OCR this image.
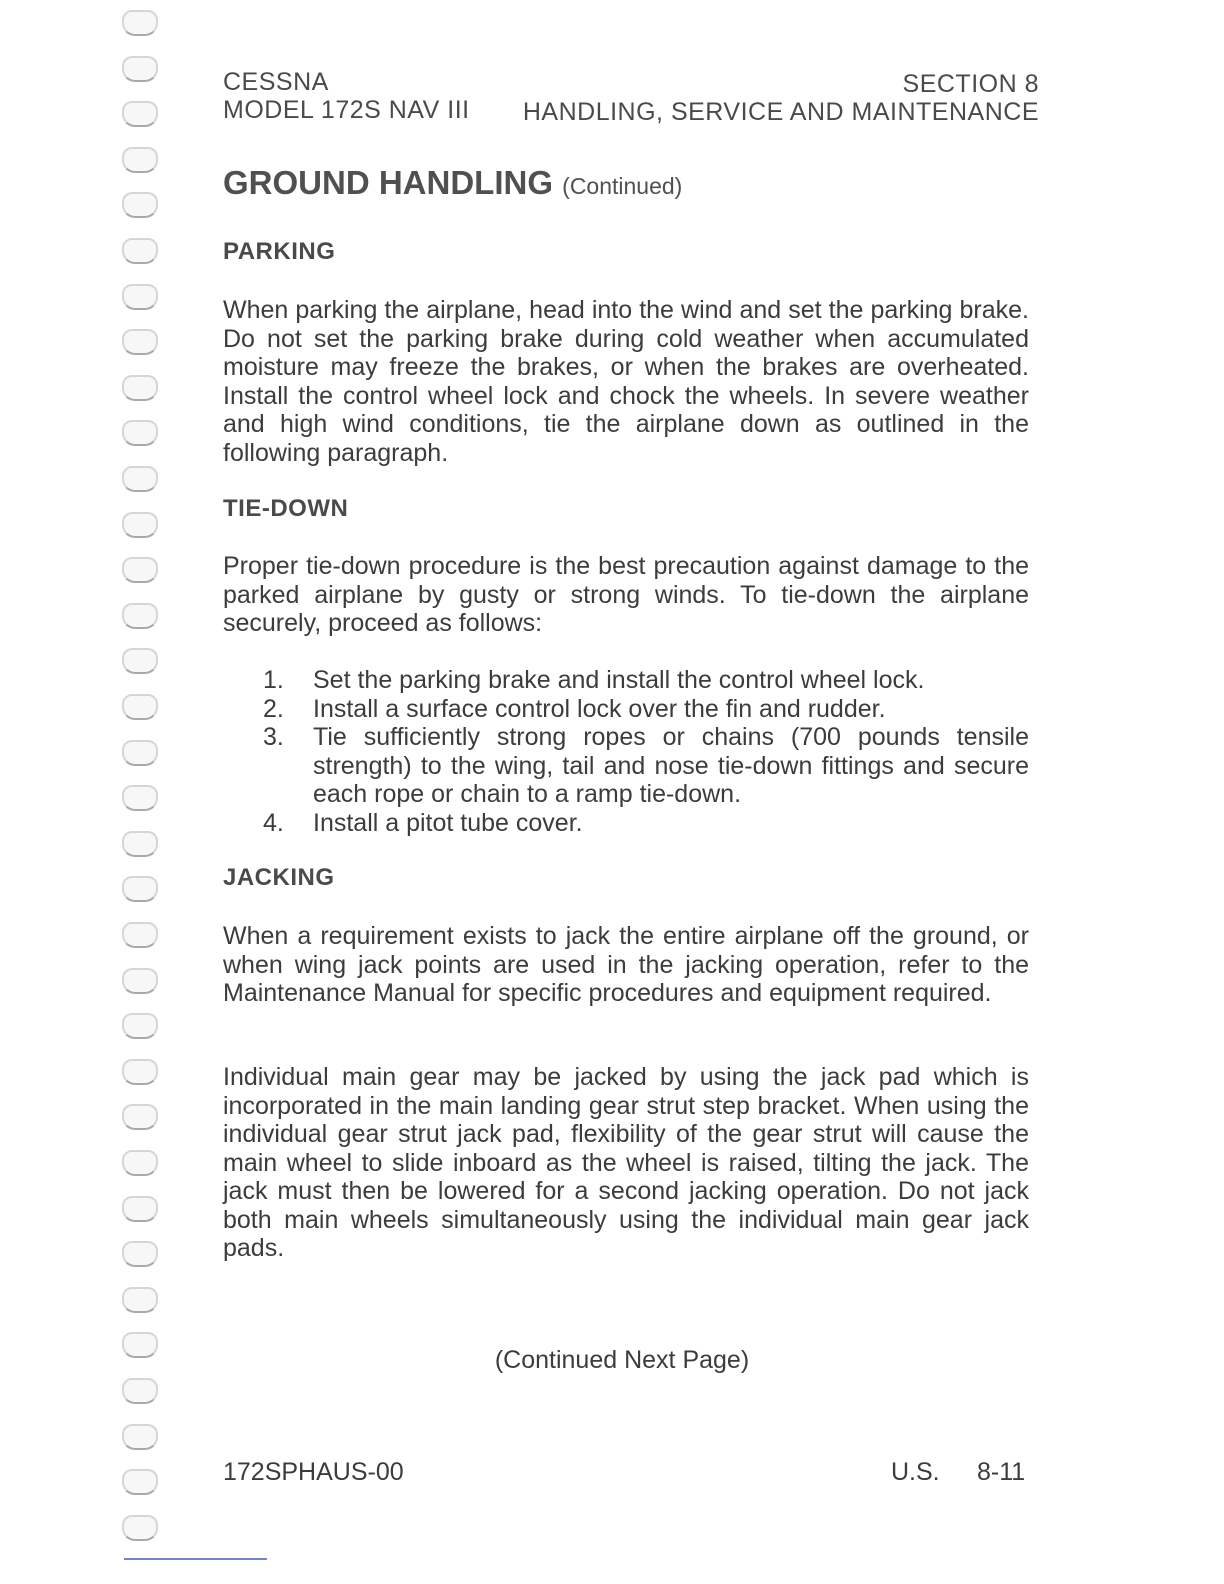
CESSNA
MODEL 172S NAV III
SECTION 8
HANDLING, SERVICE AND MAINTENANCE
GROUND HANDLING (Continued)
PARKING

When parking the airplane, head into the wind and set the parking brake. Do not set the parking brake during cold weather when accumulated moisture may freeze the brakes, or when the brakes are overheated. Install the control wheel lock and chock the wheels. In severe weather and high wind conditions, tie the airplane down as outlined in the following paragraph.

TIE-DOWN

Proper tie-down procedure is the best precaution against damage to the parked airplane by gusty or strong winds. To tie-down the airplane securely, proceed as follows:

1.	Set the parking brake and install the control wheel lock.
2.	Install a surface control lock over the fin and rudder.
3.	Tie sufficiently strong ropes or chains (700 pounds tensile strength) to the wing, tail and nose tie-down fittings and secure each rope or chain to a ramp tie-down.
4.	Install a pitot tube cover.
JACKING

When a requirement exists to jack the entire airplane off the ground, or when wing jack points are used in the jacking operation, refer to the Maintenance Manual for specific procedures and equipment required.

Individual main gear may be jacked by using the jack pad which is incorporated in the main landing gear strut step bracket. When using the individual gear strut jack pad, flexibility of the gear strut will cause the main wheel to slide inboard as the wheel is raised, tilting the jack. The jack must then be lowered for a second jacking operation. Do not jack both main wheels simultaneously using the individual main gear jack pads.

(Continued Next Page)
172SPHAUS-00	U.S. 8-11
